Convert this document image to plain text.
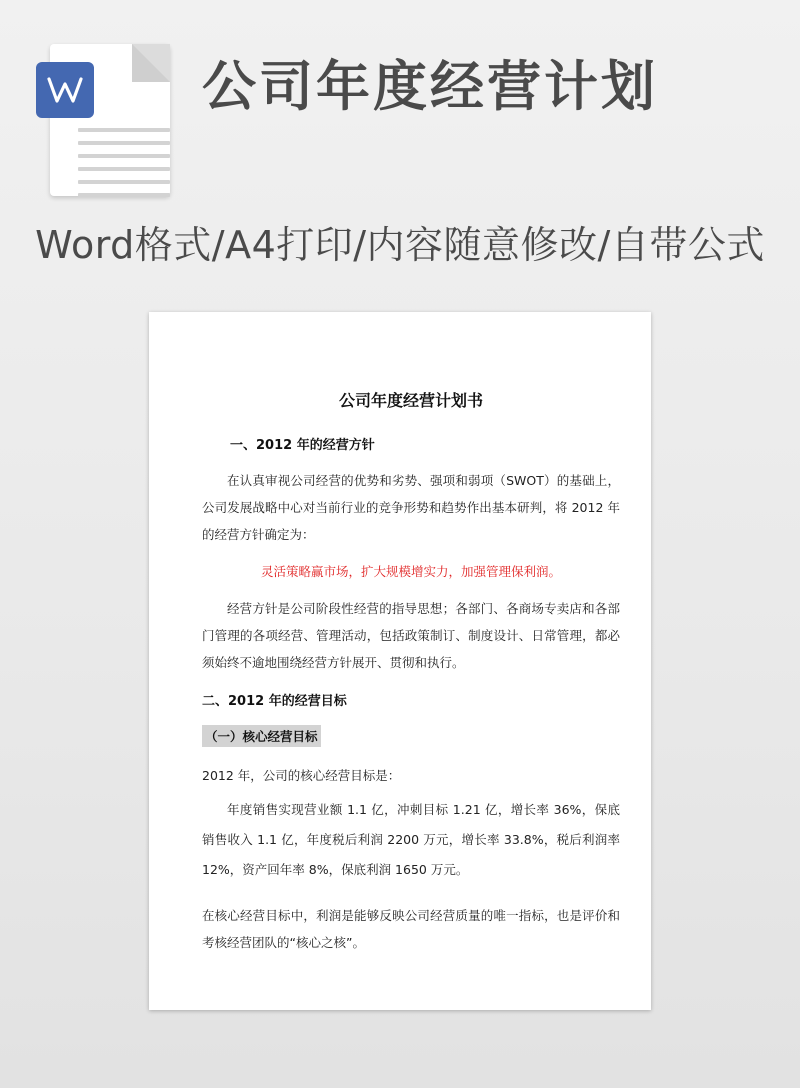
公司年度经营计划
Word格式/A4打印/内容随意修改/自带公式

公司年度经营计划书

一、2012 年的经营方针

在认真审视公司经营的优势和劣势、强项和弱项（SWOT）的基础上，公司发展战略中心对当前行业的竞争形势和趋势作出基本研判，将 2012 年的经营方针确定为：

灵活策略赢市场，扩大规模增实力，加强管理保利润。

经营方针是公司阶段性经营的指导思想；各部门、各商场专卖店和各部门管理的各项经营、管理活动，包括政策制订、制度设计、日常管理，都必须始终不逾地围绕经营方针展开、贯彻和执行。

二、2012 年的经营目标

（一）核心经营目标

2012 年，公司的核心经营目标是：

年度销售实现营业额 1.1 亿，冲刺目标 1.21 亿，增长率 36%，保底销售收入 1.1 亿，年度税后利润 2200 万元，增长率 33.8%，税后利润率 12%，资产回年率 8%，保底利润 1650 万元。

在核心经营目标中，利润是能够反映公司经营质量的唯一指标，也是评价和考核经营团队的“核心之核”。
